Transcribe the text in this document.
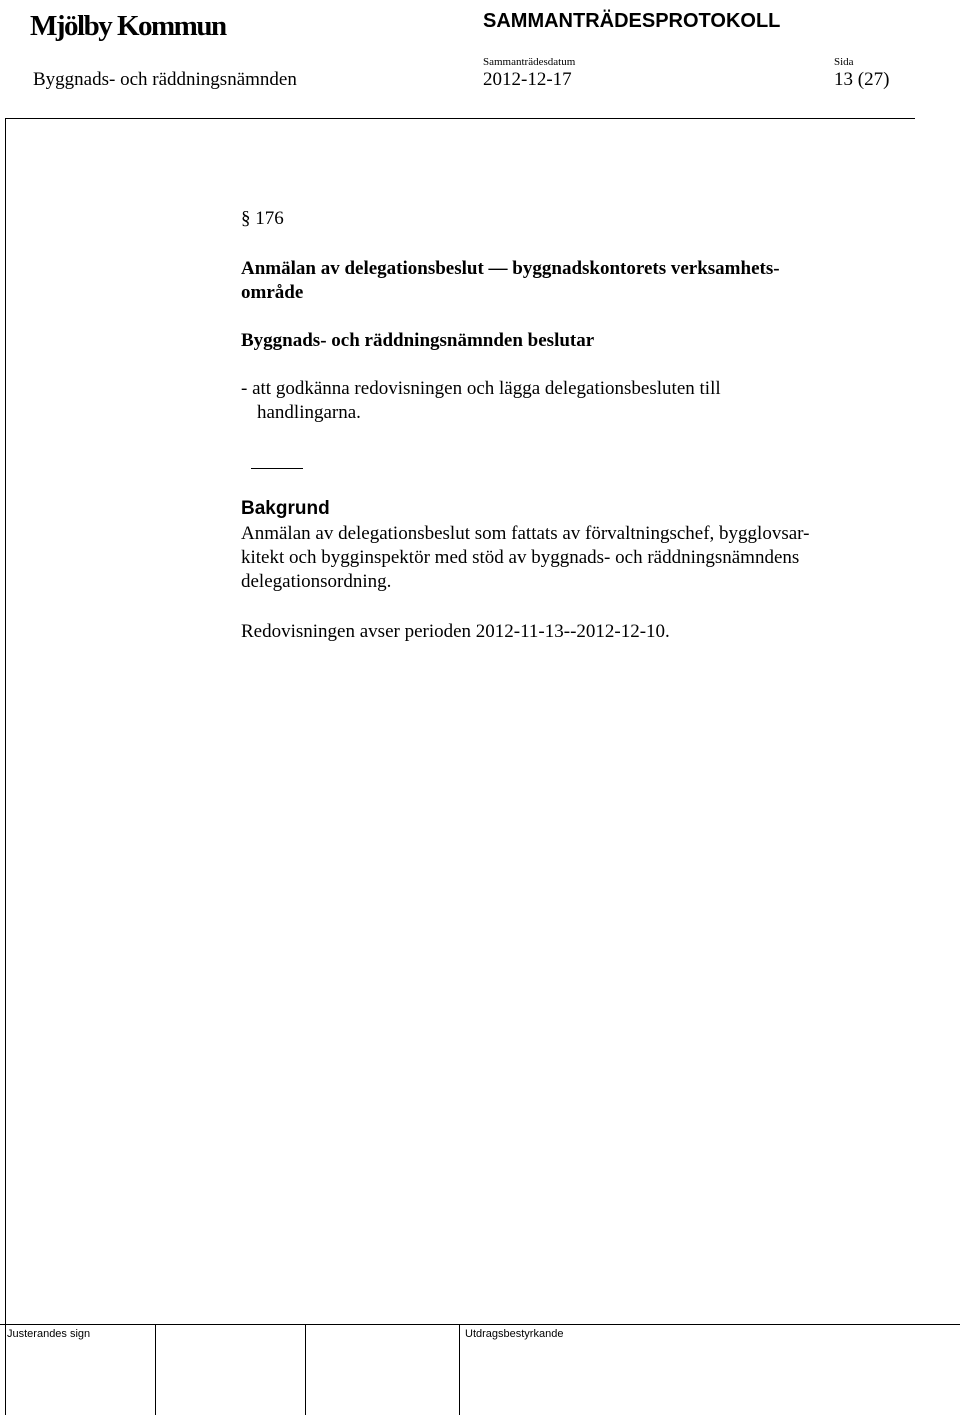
Mjölby Kommun	SAMMANTRÄDESPROTOKOLL
Sammanträdesdatum	Sida
Byggnads- och räddningsnämnden	2012-12-17	13 (27)
§ 176
Anmälan av delegationsbeslut — byggnadskontorets verksamhets-
område
Byggnads- och räddningsnämnden beslutar
- att godkänna redovisningen och lägga delegationsbesluten till
handlingarna.
Bakgrund
Anmälan av delegationsbeslut som fattats av förvaltningschef, bygglovsar-
kitekt och bygginspektör med stöd av byggnads- och räddningsnämndens
delegationsordning.
Redovisningen avser perioden 2012-11-13--2012-12-10.
Justerandes sign	Utdragsbestyrkande
